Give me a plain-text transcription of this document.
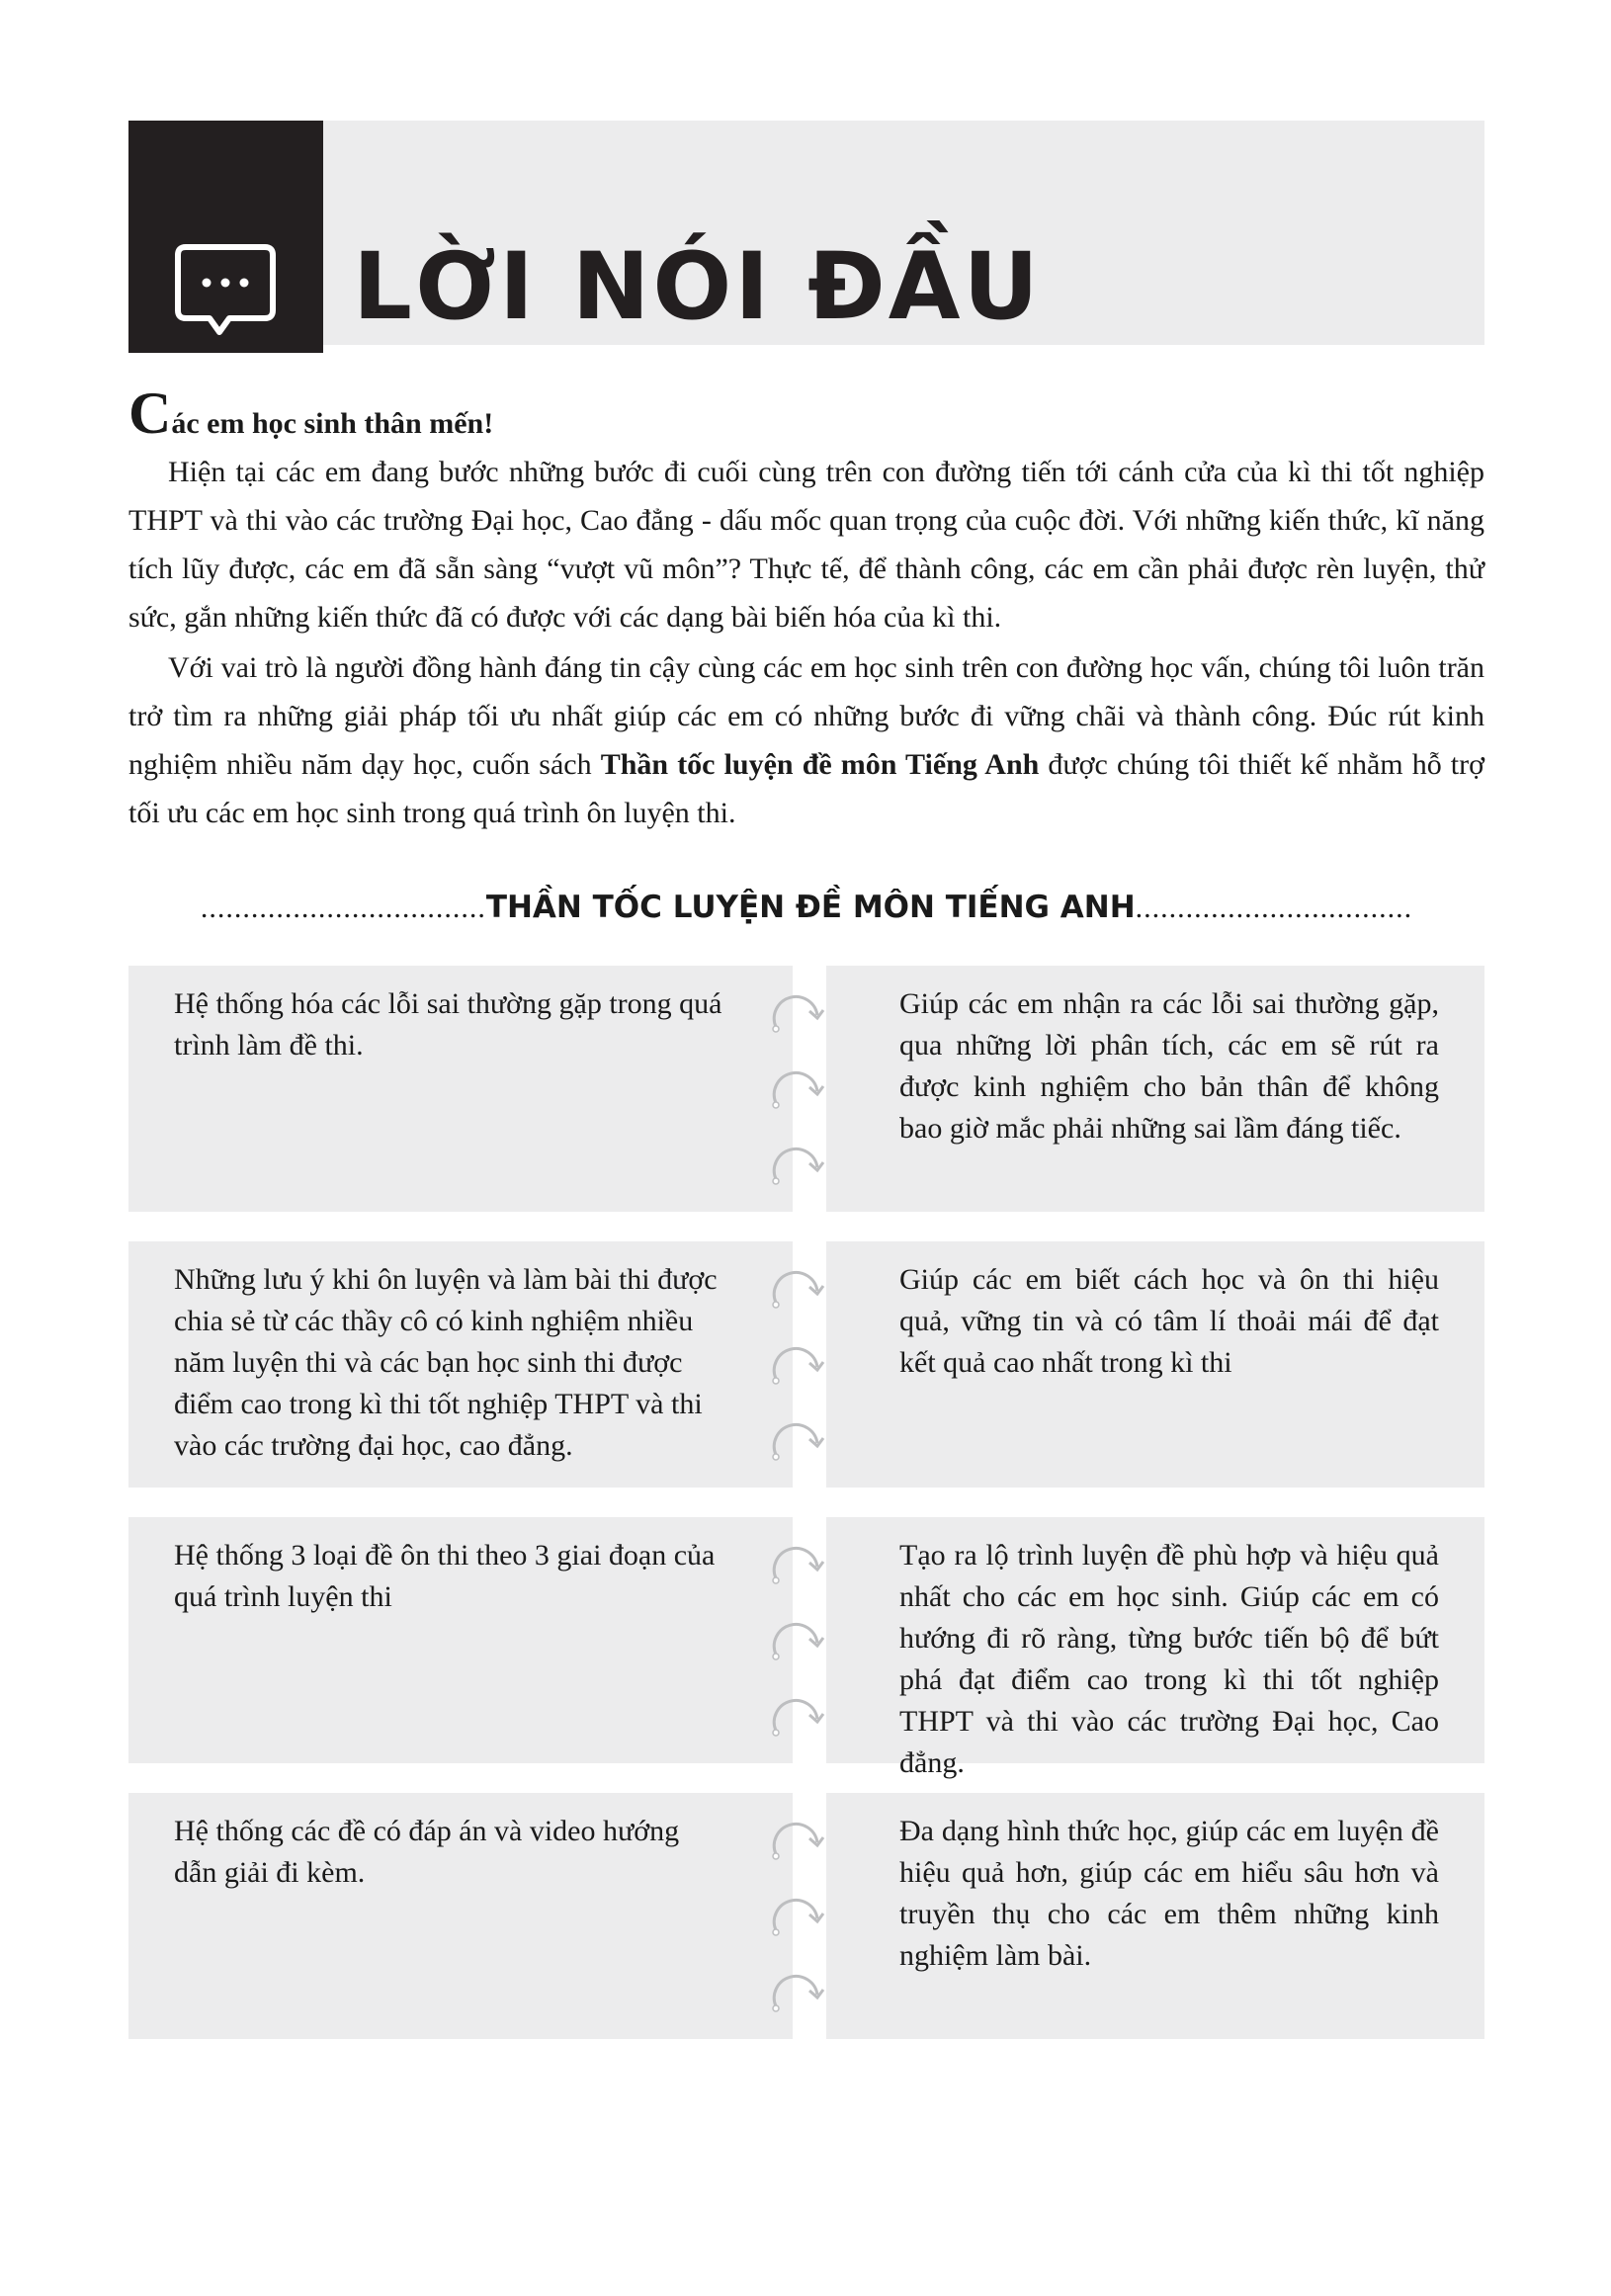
LỜI NÓI ĐẦU

Các em học sinh thân mến!

Hiện tại các em đang bước những bước đi cuối cùng trên con đường tiến tới cánh cửa của kì thi tốt nghiệp THPT và thi vào các trường Đại học, Cao đẳng - dấu mốc quan trọng của cuộc đời. Với những kiến thức, kĩ năng tích lũy được, các em đã sẵn sàng “vượt vũ môn”? Thực tế, để thành công, các em cần phải được rèn luyện, thử sức, gắn những kiến thức đã có được với các dạng bài biến hóa của kì thi.

Với vai trò là người đồng hành đáng tin cậy cùng các em học sinh trên con đường học vấn, chúng tôi luôn trăn trở tìm ra những giải pháp tối ưu nhất giúp các em có những bước đi vững chãi và thành công. Đúc rút kinh nghiệm nhiều năm dạy học, cuốn sách Thần tốc luyện đề môn Tiếng Anh được chúng tôi thiết kế nhằm hỗ trợ tối ưu các em học sinh trong quá trình ôn luyện thi.

..................................THẦN TỐC LUYỆN ĐỀ MÔN TIẾNG ANH.................................
Hệ thống hóa các lỗi sai thường gặp trong quá trình làm đề thi.
Giúp các em nhận ra các lỗi sai thường gặp, qua những lời phân tích, các em sẽ rút ra được kinh nghiệm cho bản thân để không bao giờ mắc phải những sai lầm đáng tiếc.
Những lưu ý khi ôn luyện và làm bài thi được chia sẻ từ các thầy cô có kinh nghiệm nhiều năm luyện thi và các bạn học sinh thi được điểm cao trong kì thi tốt nghiệp THPT và thi vào các trường đại học, cao đẳng.
Giúp các em biết cách học và ôn thi hiệu quả, vững tin và có tâm lí thoải mái để đạt kết quả cao nhất trong kì thi
Hệ thống 3 loại đề ôn thi theo 3 giai đoạn của quá trình luyện thi
Tạo ra lộ trình luyện đề phù hợp và hiệu quả nhất cho các em học sinh. Giúp các em có hướng đi rõ ràng, từng bước tiến bộ để bứt phá đạt điểm cao trong kì thi tốt nghiệp THPT và thi vào các trường Đại học, Cao đẳng.
Hệ thống các đề có đáp án và video hướng dẫn giải đi kèm.
Đa dạng hình thức học, giúp các em luyện đề hiệu quả hơn, giúp các em hiểu sâu hơn và truyền thụ cho các em thêm những kinh nghiệm làm bài.
